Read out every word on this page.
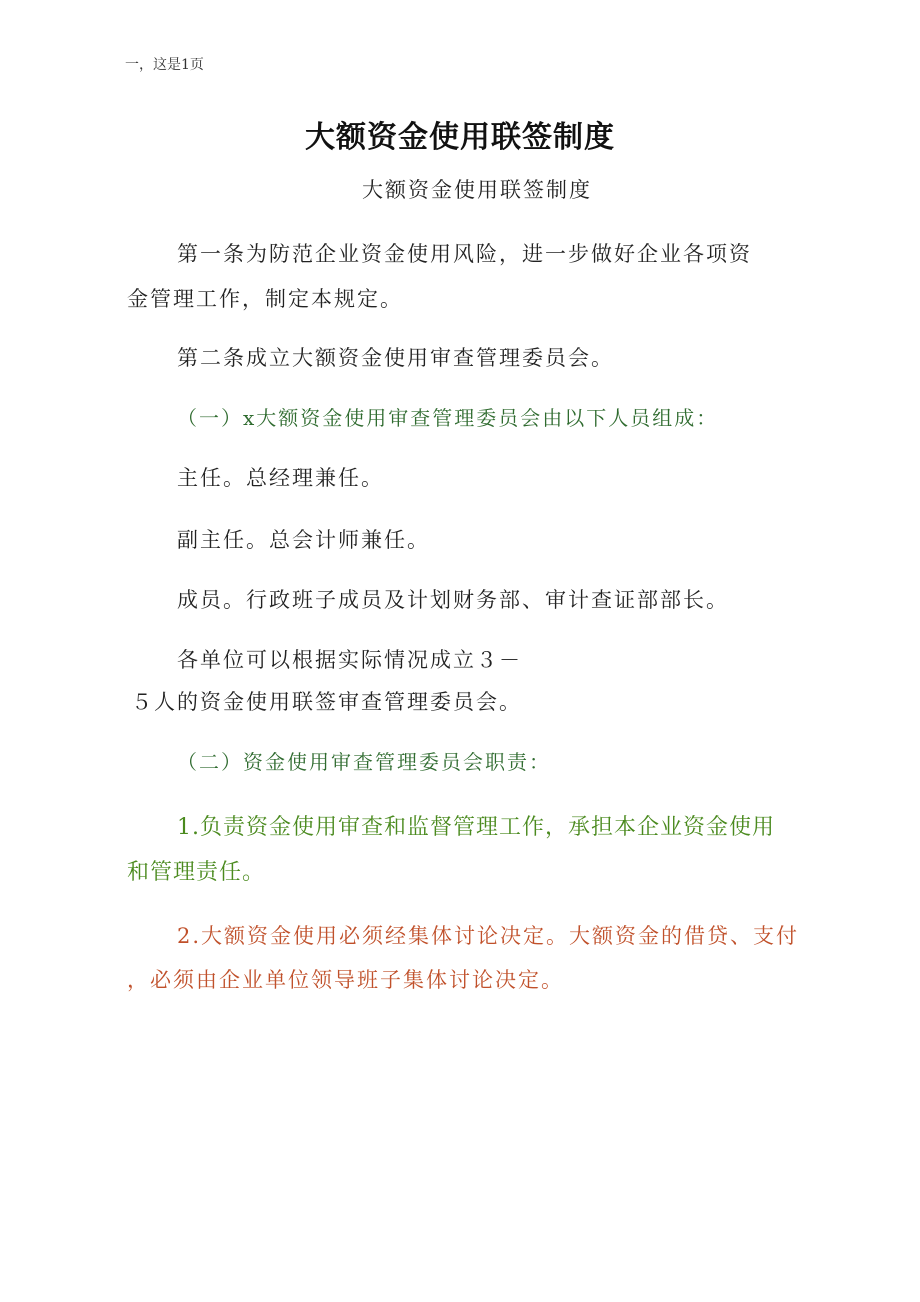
一，这是1页
大额资金使用联签制度
大额资金使用联签制度
第一条为防范企业资金使用风险，进一步做好企业各项资
金管理工作，制定本规定。
第二条成立大额资金使用审查管理委员会。
（一）x大额资金使用审查管理委员会由以下人员组成：
主任。总经理兼任。
副主任。总会计师兼任。
成员。行政班子成员及计划财务部、审计查证部部长。
各单位可以根据实际情况成立３－
５人的资金使用联签审查管理委员会。
（二）资金使用审查管理委员会职责：
1.负责资金使用审查和监督管理工作，承担本企业资金使用
和管理责任。
2.大额资金使用必须经集体讨论决定。大额资金的借贷、支付
，必须由企业单位领导班子集体讨论决定。
